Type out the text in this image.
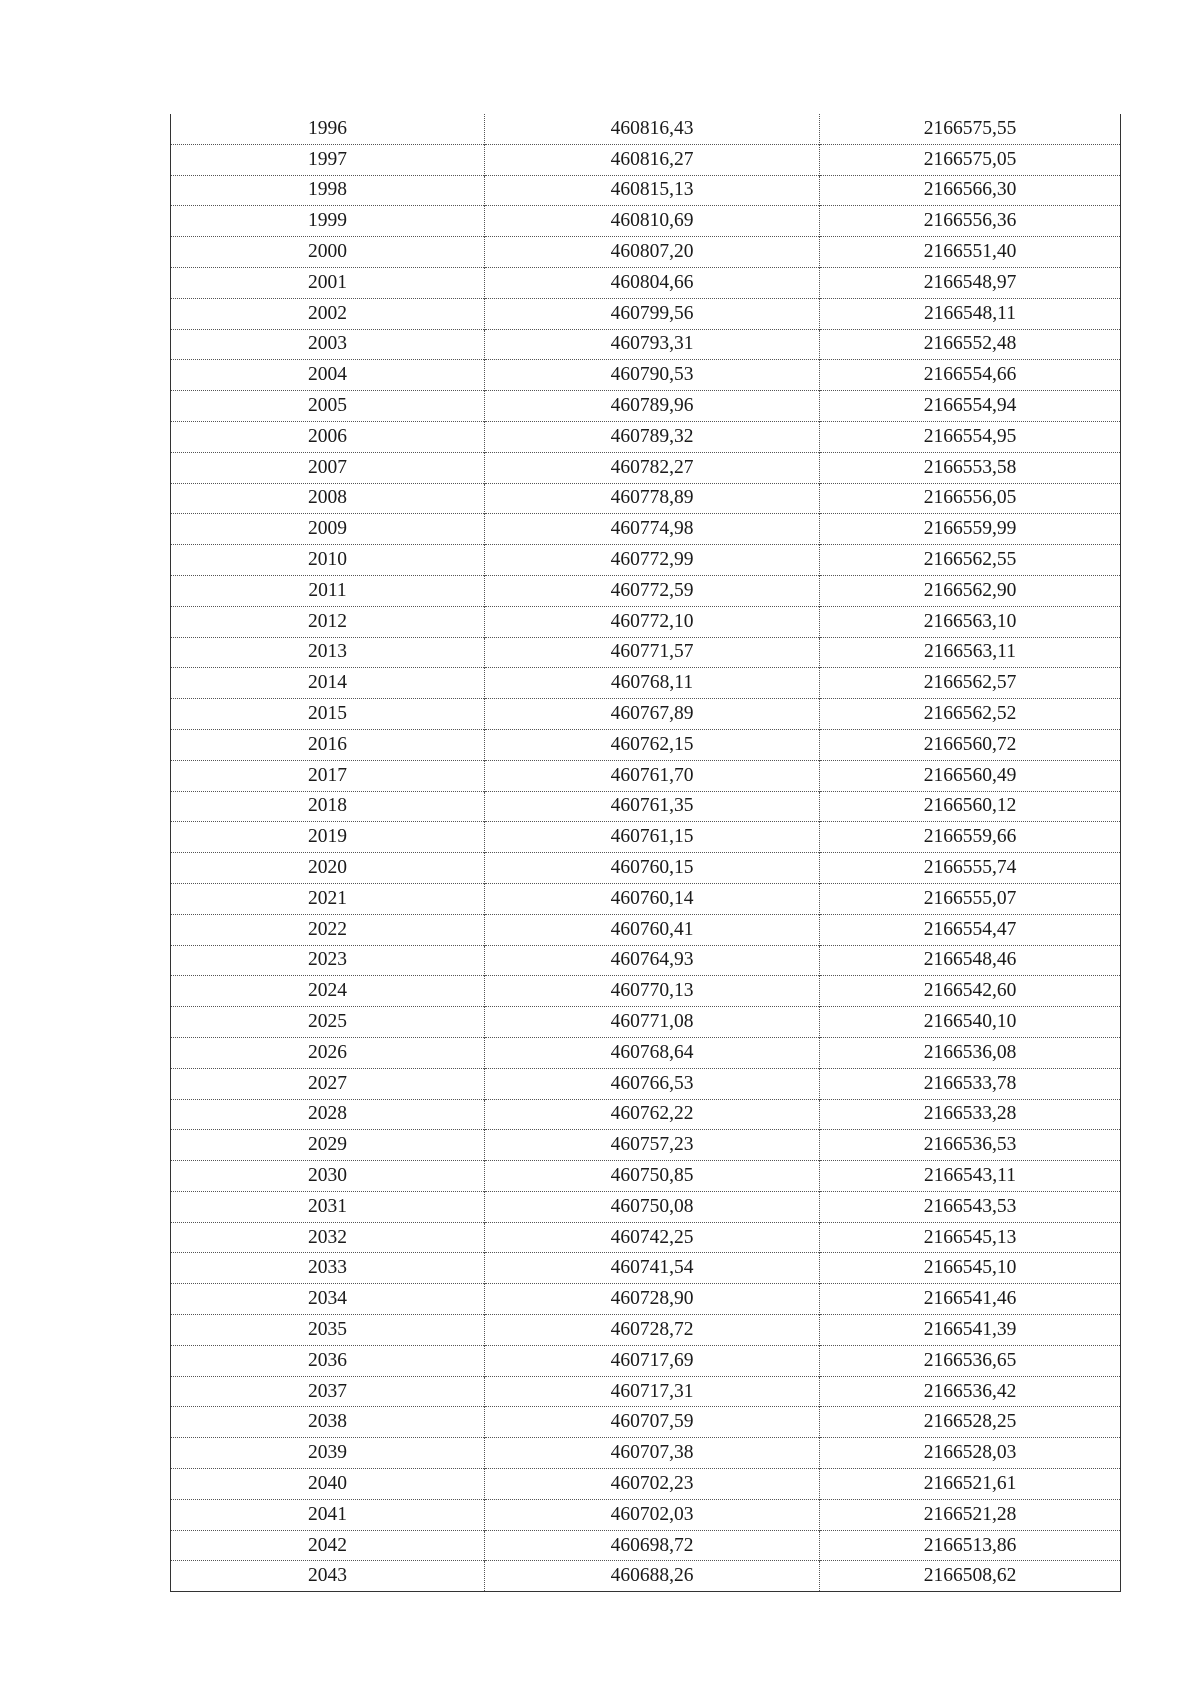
1996	460816,43	2166575,55
1997	460816,27	2166575,05
1998	460815,13	2166566,30
1999	460810,69	2166556,36
2000	460807,20	2166551,40
2001	460804,66	2166548,97
2002	460799,56	2166548,11
2003	460793,31	2166552,48
2004	460790,53	2166554,66
2005	460789,96	2166554,94
2006	460789,32	2166554,95
2007	460782,27	2166553,58
2008	460778,89	2166556,05
2009	460774,98	2166559,99
2010	460772,99	2166562,55
2011	460772,59	2166562,90
2012	460772,10	2166563,10
2013	460771,57	2166563,11
2014	460768,11	2166562,57
2015	460767,89	2166562,52
2016	460762,15	2166560,72
2017	460761,70	2166560,49
2018	460761,35	2166560,12
2019	460761,15	2166559,66
2020	460760,15	2166555,74
2021	460760,14	2166555,07
2022	460760,41	2166554,47
2023	460764,93	2166548,46
2024	460770,13	2166542,60
2025	460771,08	2166540,10
2026	460768,64	2166536,08
2027	460766,53	2166533,78
2028	460762,22	2166533,28
2029	460757,23	2166536,53
2030	460750,85	2166543,11
2031	460750,08	2166543,53
2032	460742,25	2166545,13
2033	460741,54	2166545,10
2034	460728,90	2166541,46
2035	460728,72	2166541,39
2036	460717,69	2166536,65
2037	460717,31	2166536,42
2038	460707,59	2166528,25
2039	460707,38	2166528,03
2040	460702,23	2166521,61
2041	460702,03	2166521,28
2042	460698,72	2166513,86
2043	460688,26	2166508,62
